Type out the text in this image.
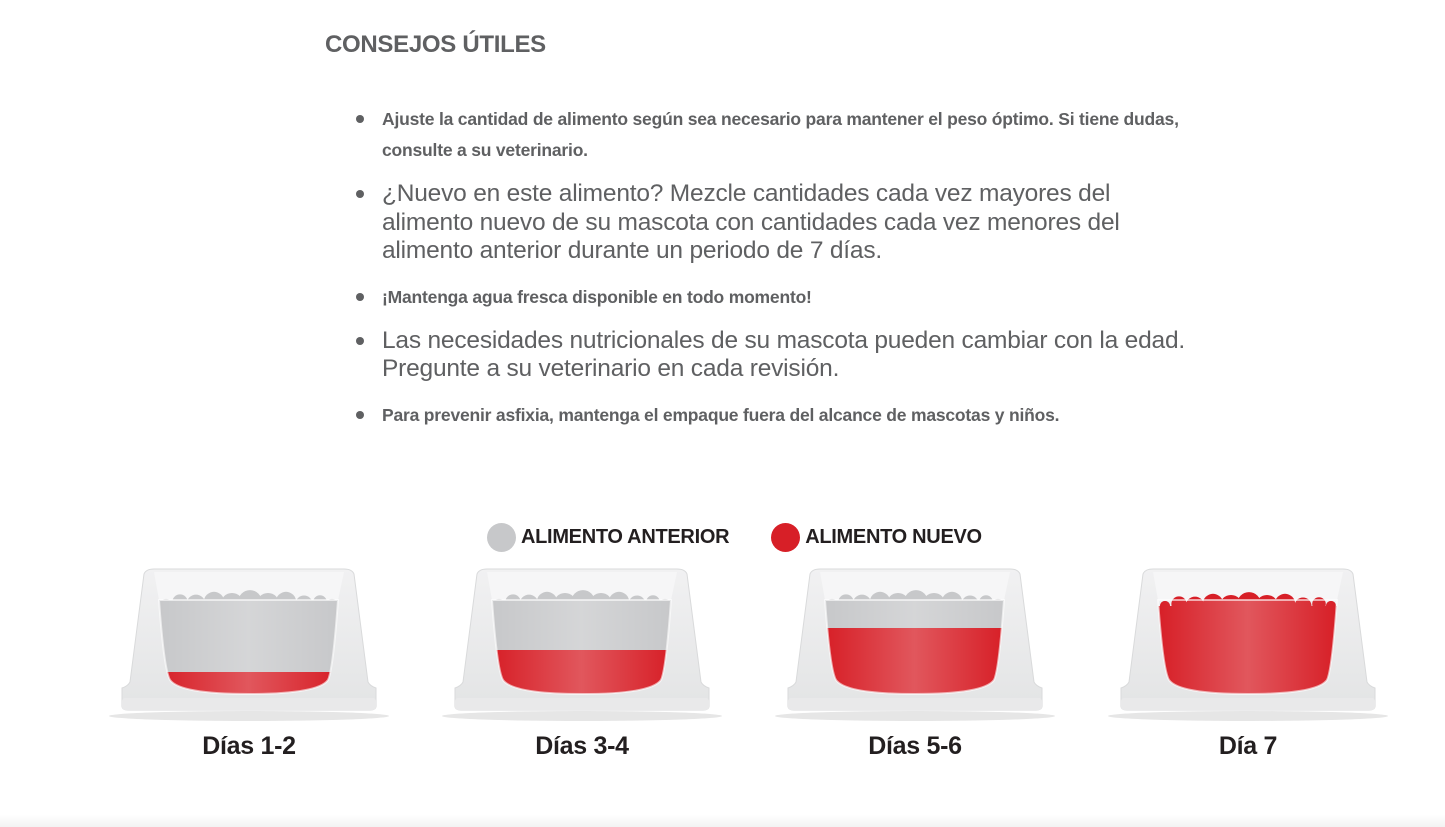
CONSEJOS ÚTILES
Ajuste la cantidad de alimento según sea necesario para mantener el peso óptimo. Si tiene dudas, consulte a su veterinario.
¿Nuevo en este alimento? Mezcle cantidades cada vez mayores del alimento nuevo de su mascota con cantidades cada vez menores del alimento anterior durante un periodo de 7 días.
¡Mantenga agua fresca disponible en todo momento!
Las necesidades nutricionales de su mascota pueden cambiar con la edad. Pregunte a su veterinario en cada revisión.
Para prevenir asfixia, mantenga el empaque fuera del alcance de mascotas y niños.
ALIMENTO ANTERIOR	ALIMENTO NUEVO
Días 1-2	Días 3-4	Días 5-6	Día 7
